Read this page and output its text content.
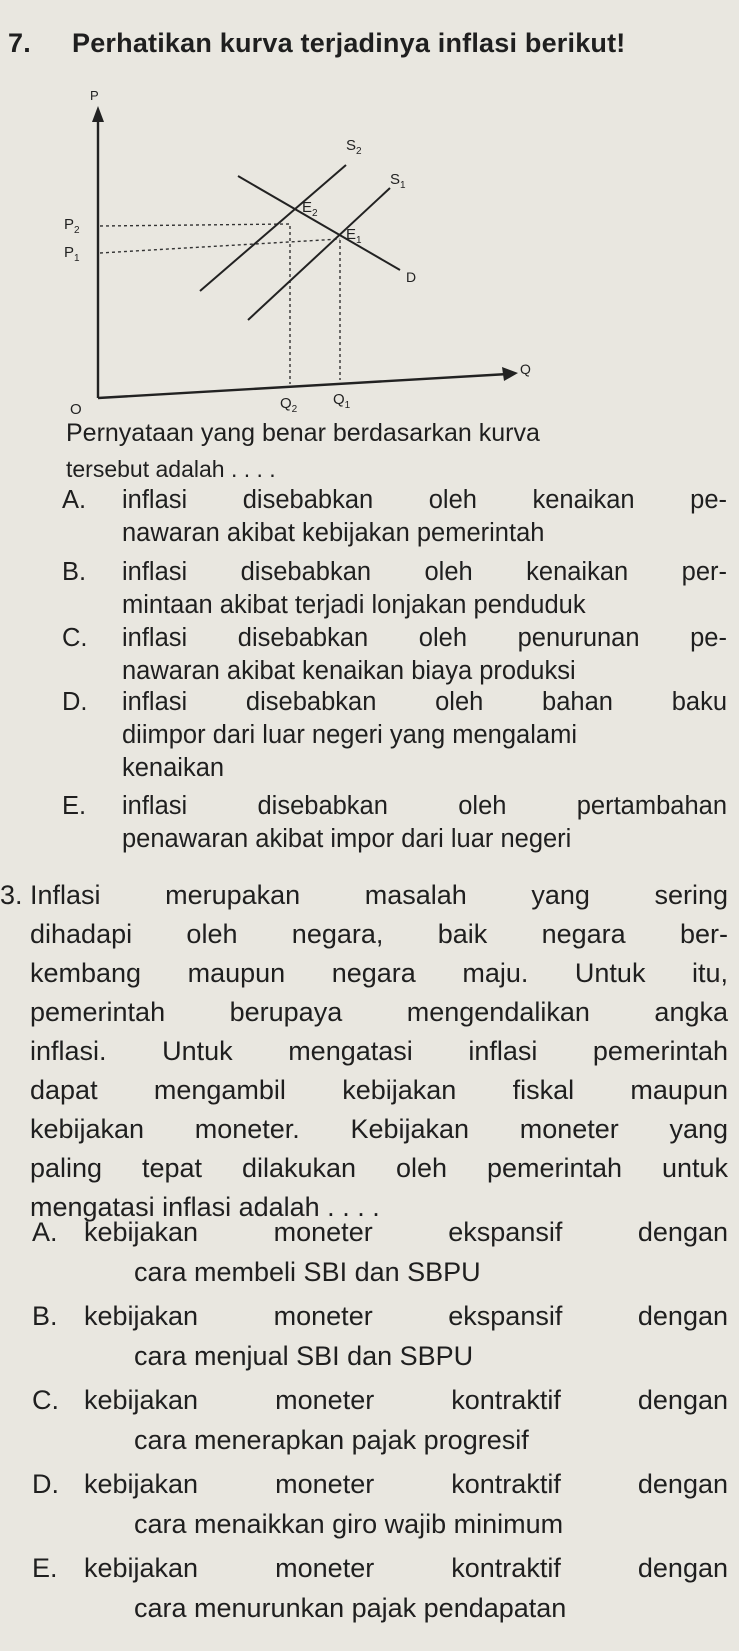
7. Perhatikan kurva terjadinya inflasi berikut!
P
Q
O
$P_2$
$P_1$
$Q_2$
$Q_1$
$S_2$
$S_1$
D
$E_2$
$E_1$
Pernyataan yang benar berdasarkan kurva
tersebut adalah . . . .
A.	inflasi disebabkan oleh kenaikan pe-
nawaran akibat kebijakan pemerintah
B.	inflasi disebabkan oleh kenaikan per-
mintaan akibat terjadi lonjakan penduduk
C.	inflasi disebabkan oleh penurunan pe-
nawaran akibat kenaikan biaya produksi
D.	inflasi disebabkan oleh bahan baku
diimpor dari luar negeri yang mengalami
kenaikan
E.	inflasi disebabkan oleh pertambahan
penawaran akibat impor dari luar negeri
3. Inflasi merupakan masalah yang sering
dihadapi oleh negara, baik negara ber-
kembang maupun negara maju. Untuk itu,
pemerintah berupaya mengendalikan angka
inflasi. Untuk mengatasi inflasi pemerintah
dapat mengambil kebijakan fiskal maupun
kebijakan moneter. Kebijakan moneter yang
paling tepat dilakukan oleh pemerintah untuk
mengatasi inflasi adalah . . . .
A. kebijakan moneter ekspansif dengan
cara membeli SBI dan SBPU
B. kebijakan moneter ekspansif dengan
cara menjual SBI dan SBPU
C. kebijakan moneter kontraktif dengan
cara menerapkan pajak progresif
D. kebijakan moneter kontraktif dengan
cara menaikkan giro wajib minimum
E. kebijakan moneter kontraktif dengan
cara menurunkan pajak pendapatan
